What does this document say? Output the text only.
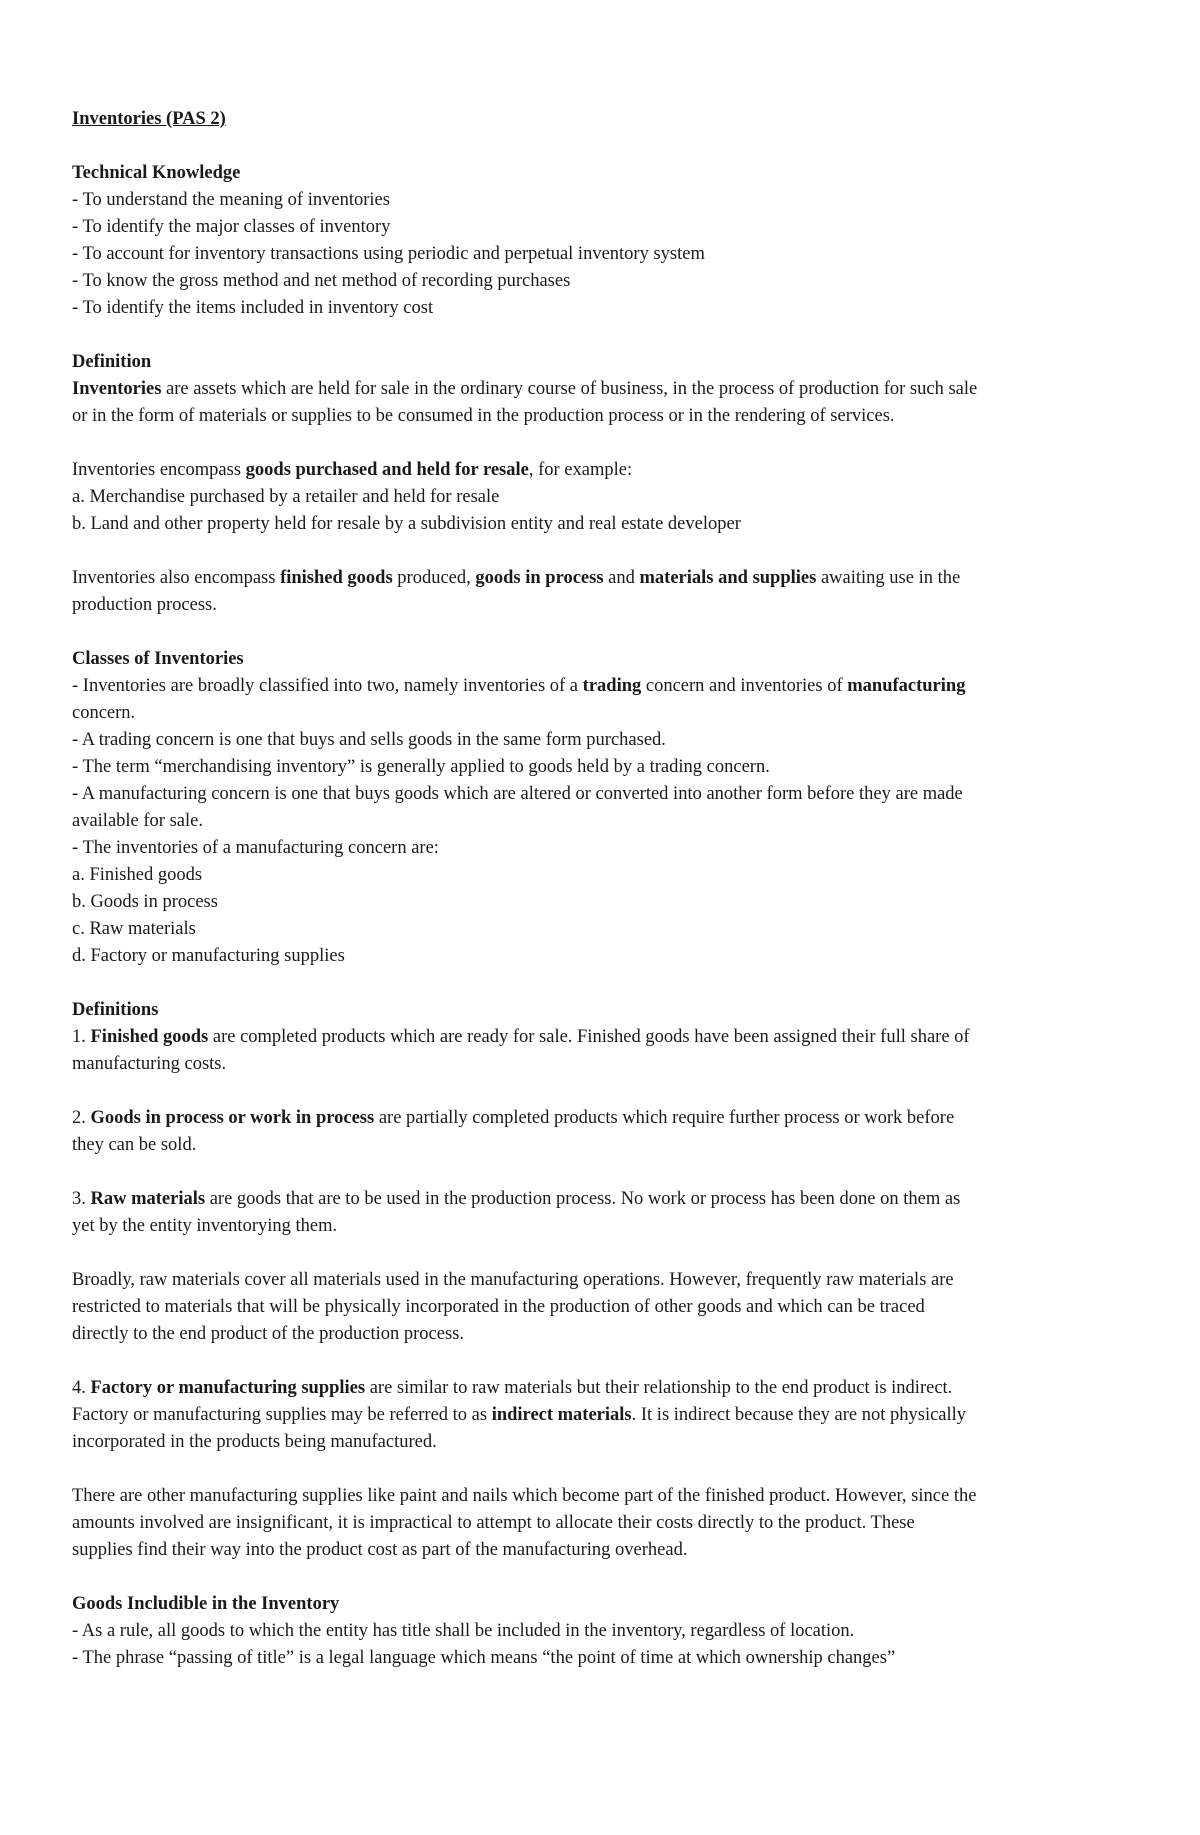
Inventories (PAS 2)
Technical Knowledge
- To understand the meaning of inventories
- To identify the major classes of inventory
- To account for inventory transactions using periodic and perpetual inventory system
- To know the gross method and net method of recording purchases
- To identify the items included in inventory cost
Definition
Inventories are assets which are held for sale in the ordinary course of business, in the process of production for such sale
or in the form of materials or supplies to be consumed in the production process or in the rendering of services.
Inventories encompass goods purchased and held for resale, for example:
a. Merchandise purchased by a retailer and held for resale
b. Land and other property held for resale by a subdivision entity and real estate developer
Inventories also encompass finished goods produced, goods in process and materials and supplies awaiting use in the
production process.
Classes of Inventories
- Inventories are broadly classified into two, namely inventories of a trading concern and inventories of manufacturing
concern.
- A trading concern is one that buys and sells goods in the same form purchased.
- The term “merchandising inventory” is generally applied to goods held by a trading concern.
- A manufacturing concern is one that buys goods which are altered or converted into another form before they are made
available for sale.
- The inventories of a manufacturing concern are:
a. Finished goods
b. Goods in process
c. Raw materials
d. Factory or manufacturing supplies
Definitions
1. Finished goods are completed products which are ready for sale. Finished goods have been assigned their full share of
manufacturing costs.
2. Goods in process or work in process are partially completed products which require further process or work before
they can be sold.
3. Raw materials are goods that are to be used in the production process. No work or process has been done on them as
yet by the entity inventorying them.
Broadly, raw materials cover all materials used in the manufacturing operations. However, frequently raw materials are
restricted to materials that will be physically incorporated in the production of other goods and which can be traced
directly to the end product of the production process.
4. Factory or manufacturing supplies are similar to raw materials but their relationship to the end product is indirect.
Factory or manufacturing supplies may be referred to as indirect materials. It is indirect because they are not physically
incorporated in the products being manufactured.
There are other manufacturing supplies like paint and nails which become part of the finished product. However, since the
amounts involved are insignificant, it is impractical to attempt to allocate their costs directly to the product. These
supplies find their way into the product cost as part of the manufacturing overhead.
Goods Includible in the Inventory
- As a rule, all goods to which the entity has title shall be included in the inventory, regardless of location.
- The phrase “passing of title” is a legal language which means “the point of time at which ownership changes”
